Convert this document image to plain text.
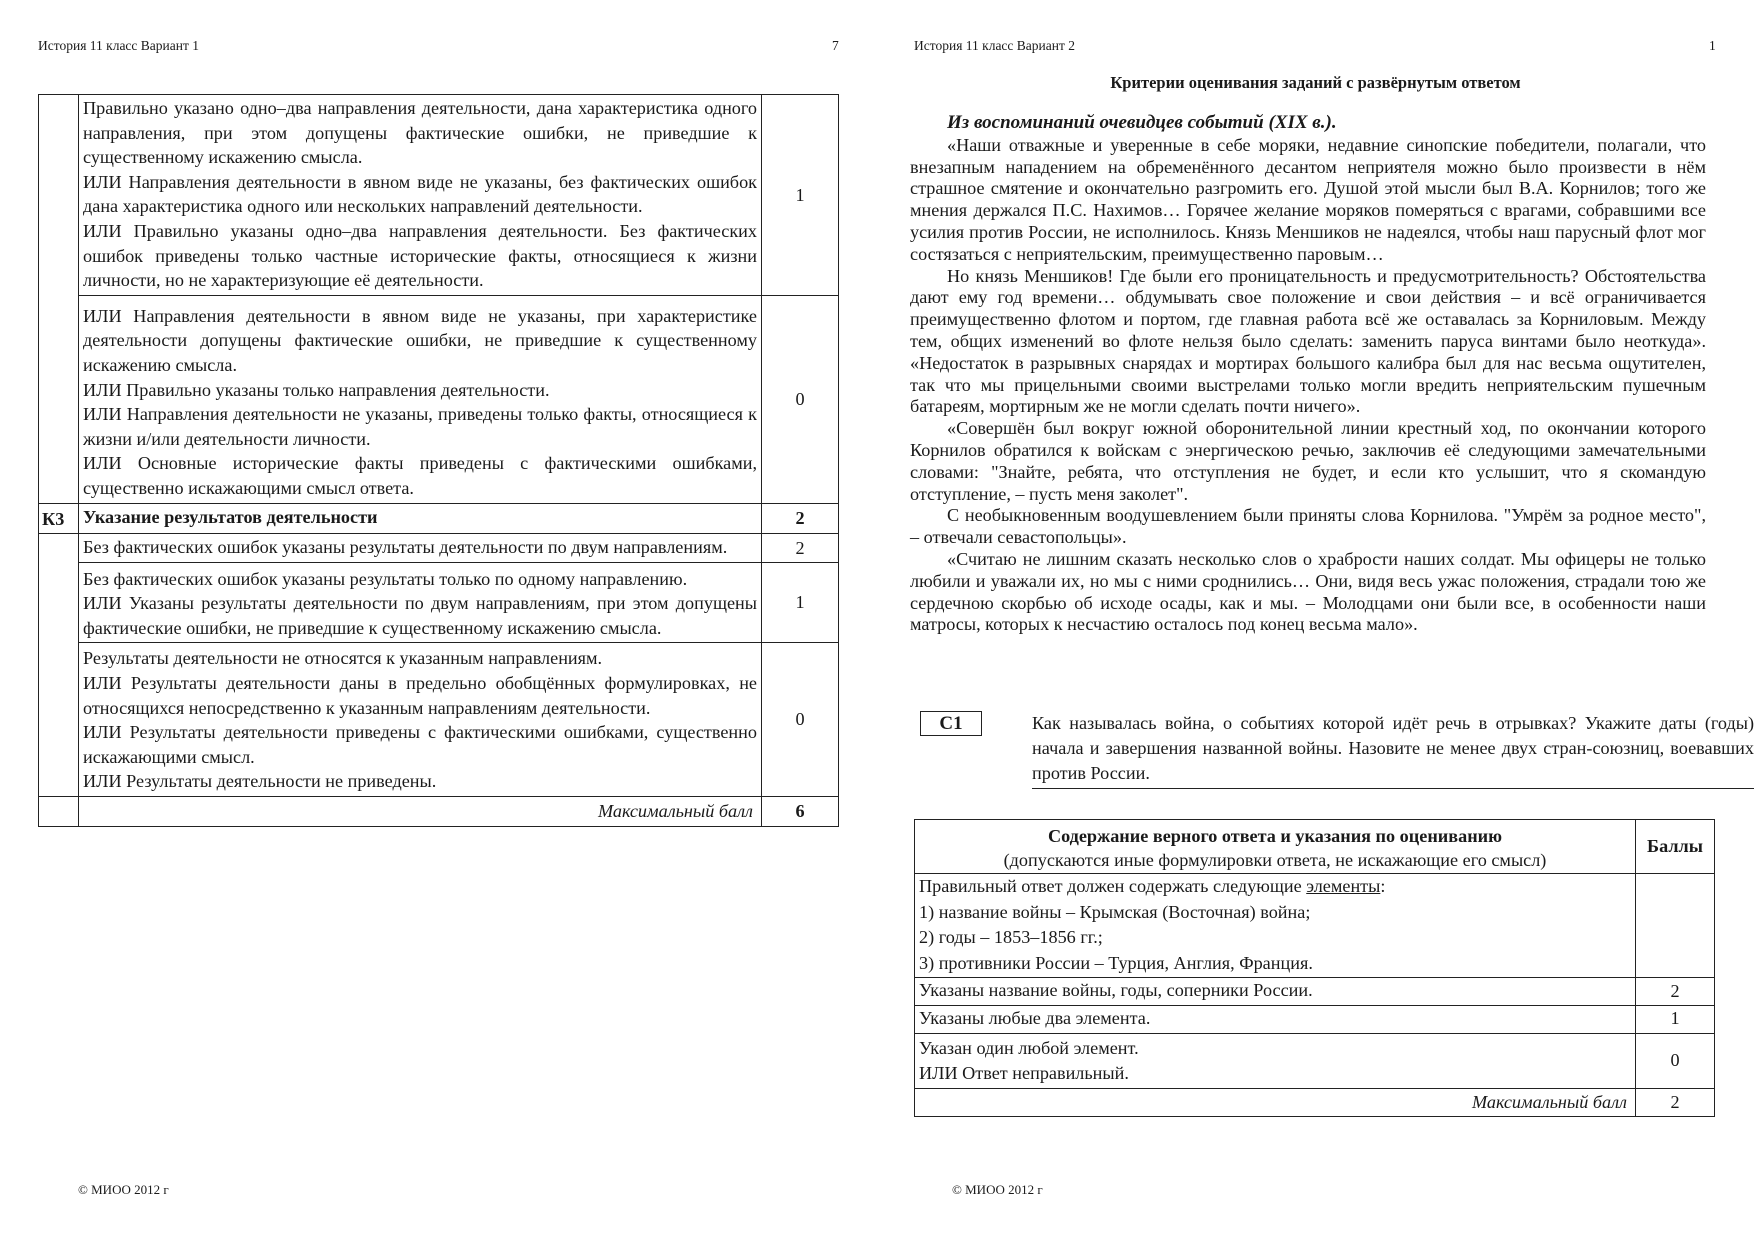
История 11 класс Вариант 1	7

	Правильно указано одно–два направления деятельности, дана характеристика одного направления, при этом допущены фактические ошибки, не приведшие к существенному искажению смысла.

ИЛИ Направления деятельности в явном виде не указаны, без фактических ошибок дана характеристика одного или нескольких направлений деятельности.

ИЛИ Правильно указаны одно–два направления деятельности. Без фактических ошибок приведены только частные исторические факты, относящиеся к жизни личности, но не характеризующие её деятельности.	1

	ИЛИ Направления деятельности в явном виде не указаны, при характеристике деятельности допущены фактические ошибки, не приведшие к существенному искажению смысла.

ИЛИ Правильно указаны только направления деятельности.

ИЛИ Направления деятельности не указаны, приведены только факты, относящиеся к жизни и/или деятельности личности.

ИЛИ Основные исторические факты приведены с фактическими ошибками, существенно искажающими смысл ответа.	0
К3	Указание результатов деятельности	2

	Без фактических ошибок указаны результаты деятельности по двум направлениям.	2

	Без фактических ошибок указаны результаты только по одному направлению.

ИЛИ Указаны результаты деятельности по двум направлениям, при этом допущены фактические ошибки, не приведшие к существенному искажению смысла.	1

	Результаты деятельности не относятся к указанным направлениям.

ИЛИ Результаты деятельности даны в предельно обобщённых формулировках, не относящихся непосредственно к указанным направлениям деятельности.

ИЛИ Результаты деятельности приведены с фактическими ошибками, существенно искажающими смысл.

ИЛИ Результаты деятельности не приведены.	0
	Максимальный балл	6
© МИОО 2012 г
История 11 класс Вариант 2	1
Критерии оценивания заданий с развёрнутым ответом

Из воспоминаний очевидцев событий (XIX в.).

«Наши отважные и уверенные в себе моряки, недавние синопские победители, полагали, что внезапным нападением на обременённого десантом неприятеля можно было произвести в нём страшное смятение и окончательно разгромить его. Душой этой мысли был В.А. Корнилов; того же мнения держался П.С. Нахимов… Горячее желание моряков померяться с врагами, собравшими все усилия против России, не исполнилось. Князь Меншиков не надеялся, чтобы наш парусный флот мог состязаться с неприятельским, преимущественно паровым…

Но князь Меншиков! Где были его проницательность и предусмотрительность? Обстоятельства дают ему год времени… обдумывать свое положение и свои действия – и всё ограничивается преимущественно флотом и портом, где главная работа всё же оставалась за Корниловым. Между тем, общих изменений во флоте нельзя было сделать: заменить паруса винтами было неоткуда». «Недостаток в разрывных снарядах и мортирах большого калибра был для нас весьма ощутителен, так что мы прицельными своими выстрелами только могли вредить неприятельским пушечным батареям, мортирным же не могли сделать почти ничего».

«Совершён был вокруг южной оборонительной линии крестный ход, по окончании которого Корнилов обратился к войскам с энергическою речью, заключив её следующими замечательными словами: "Знайте, ребята, что отступления не будет, и если кто услышит, что я скомандую отступление, – пусть меня заколет".

С необыкновенным воодушевлением были приняты слова Корнилова. "Умрём за родное место", – отвечали севастопольцы».

«Считаю не лишним сказать несколько слов о храбрости наших солдат. Мы офицеры не только любили и уважали их, но мы с ними сроднились… Они, видя весь ужас положения, страдали тою же сердечною скорбью об исходе осады, как и мы. – Молодцами они были все, в особенности наши матросы, которых к несчастию осталось под конец весьма мало».

С1	Как называлась война, о событиях которой идёт речь в отрывках? Укажите даты (годы) начала и завершения названной войны. Назовите не менее двух стран-союзниц, воевавших против России.
Содержание верного ответа и указания по оцениванию
(допускаются иные формулировки ответа, не искажающие его смысл)	Баллы

Правильный ответ должен содержать следующие элементы:
1) название войны – Крымская (Восточная) война;
2) годы – 1853–1856 гг.;
3) противники России – Турция, Англия, Франция.	

Указаны название войны, годы, соперники России.	2
Указаны любые два элемента.	1

Указан один любой элемент.
ИЛИ Ответ неправильный.	0
Максимальный балл	2
© МИОО 2012 г
